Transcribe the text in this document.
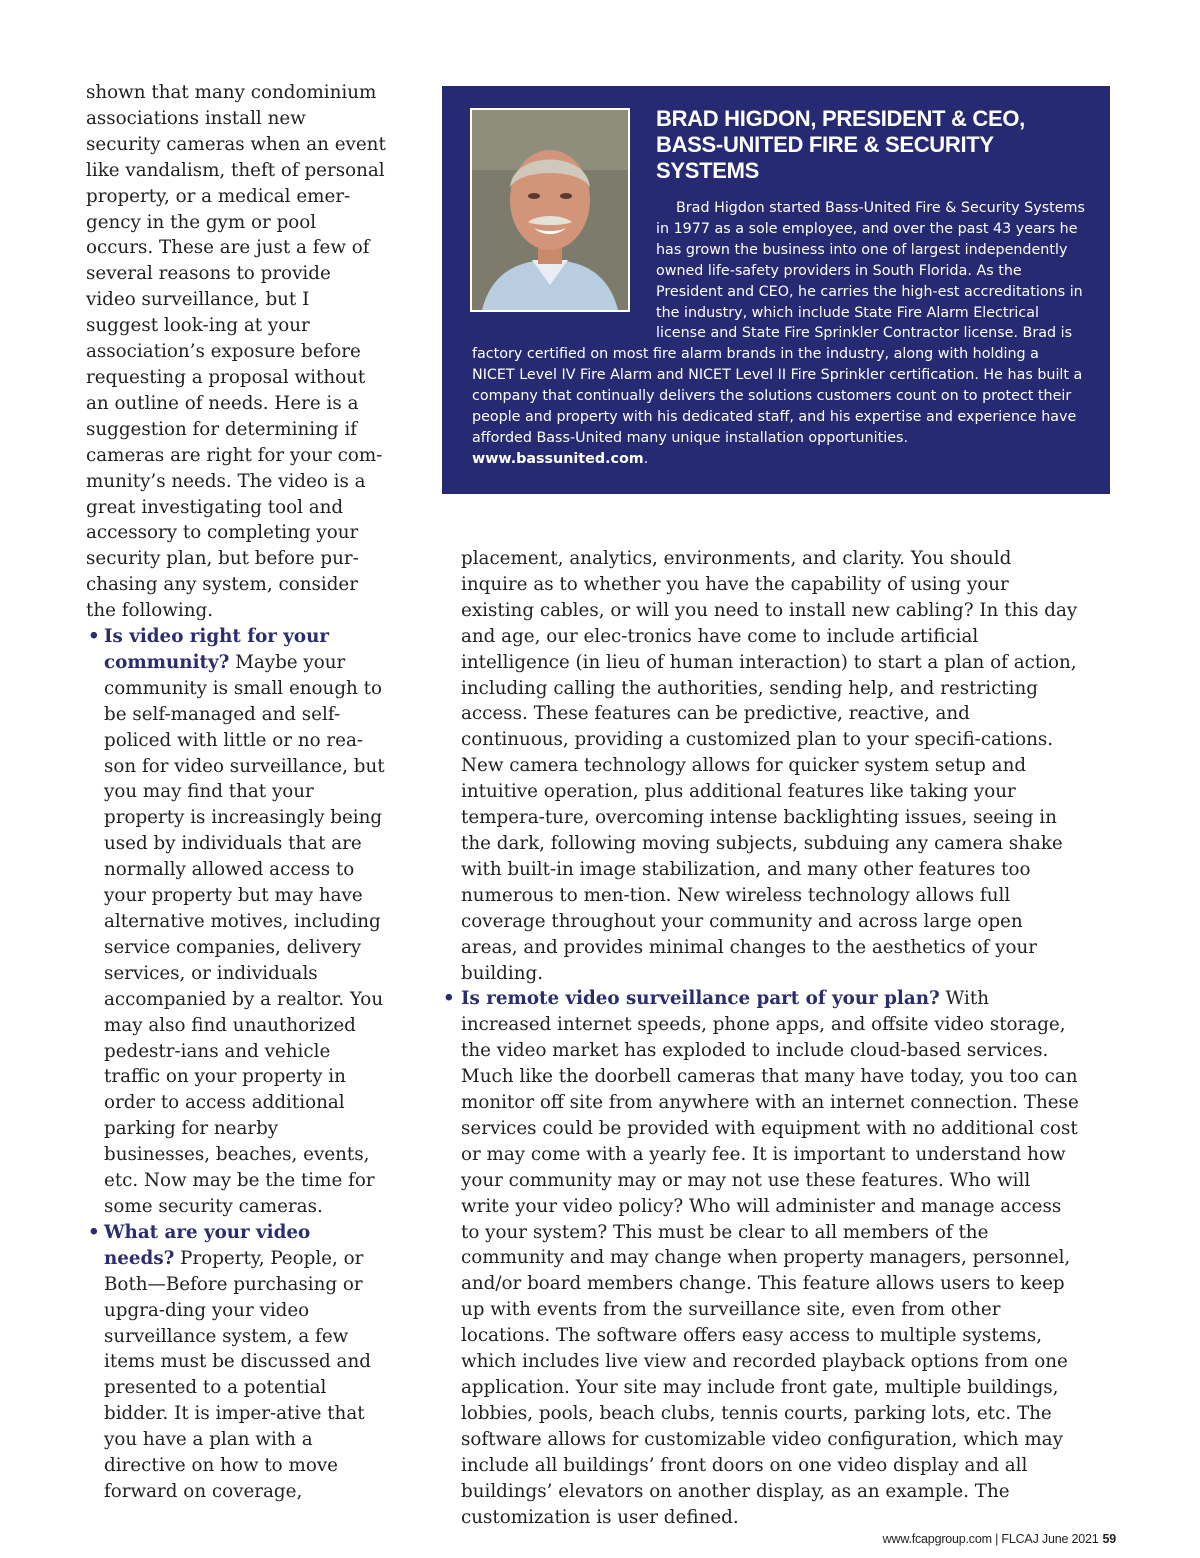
shown that many condominium associations install new security cameras when an event like vandalism, theft of personal property, or a medical emer-gency in the gym or pool occurs. These are just a few of several reasons to provide video surveillance, but I suggest look-ing at your association’s exposure before requesting a proposal without an outline of needs. Here is a suggestion for determining if cameras are right for your com-munity’s needs. The video is a great investigating tool and accessory to completing your security plan, but before pur-chasing any system, consider the following.

• Is video right for your community? Maybe your community is small enough to be self-managed and self-policed with little or no rea-son for video surveillance, but you may find that your property is increasingly being used by individuals that are normally allowed access to your property but may have alternative motives, including service companies, delivery services, or individuals accompanied by a realtor. You may also find unauthorized pedestr-ians and vehicle traffic on your property in order to access additional parking for nearby businesses, beaches, events, etc. Now may be the time for some security cameras.
• What are your video needs? Property, People, or Both—Before purchasing or upgra-ding your video surveillance system, a few items must be discussed and presented to a potential bidder. It is imper-ative that you have a plan with a directive on how to move forward on coverage,
BRAD HIGDON, PRESIDENT & CEO, BASS-UNITED FIRE & SECURITY SYSTEMS

Brad Higdon started Bass-United Fire & Security Systems in 1977 as a sole employee, and over the past 43 years he has grown the business into one of largest independently owned life-safety providers in South Florida. As the President and CEO, he carries the high-est accreditations in the industry, which include State Fire Alarm Electrical license and State Fire Sprinkler Contractor license. Brad is factory certified on most fire alarm brands in the industry, along with holding a NICET Level IV Fire Alarm and NICET Level II Fire Sprinkler certification. He has built a company that continually delivers the solutions customers count on to protect their people and property with his dedicated staff, and his expertise and experience have afforded Bass-United many unique installation opportunities. www.bassunited.com.

placement, analytics, environments, and clarity. You should inquire as to whether you have the capability of using your existing cables, or will you need to install new cabling? In this day and age, our elec-tronics have come to include artificial intelligence (in lieu of human interaction) to start a plan of action, including calling the authorities, sending help, and restricting access. These features can be predictive, reactive, and continuous, providing a customized plan to your specifi-cations. New camera technology allows for quicker system setup and intuitive operation, plus additional features like taking your tempera-ture, overcoming intense backlighting issues, seeing in the dark, following moving subjects, subduing any camera shake with built-in image stabilization, and many other features too numerous to men-tion. New wireless technology allows full coverage throughout your community and across large open areas, and provides minimal changes to the aesthetics of your building.

• Is remote video surveillance part of your plan? With increased internet speeds, phone apps, and offsite video storage, the video market has exploded to include cloud-based services. Much like the doorbell cameras that many have today, you too can monitor off site from anywhere with an internet connection. These services could be provided with equipment with no additional cost or may come with a yearly fee. It is important to understand how your community may or may not use these features. Who will write your video policy? Who will administer and manage access to your system? This must be clear to all members of the community and may change when property managers, personnel, and/or board members change. This feature allows users to keep up with events from the surveillance site, even from other locations. The software offers easy access to multiple systems, which includes live view and recorded playback options from one application. Your site may include front gate, multiple buildings, lobbies, pools, beach clubs, tennis courts, parking lots, etc. The software allows for customizable video configuration, which may include all buildings’ front doors on one video display and all buildings’ elevators on another display, as an example. The customization is user defined.
www.fcapgroup.com | FLCAJ June 2021 59
